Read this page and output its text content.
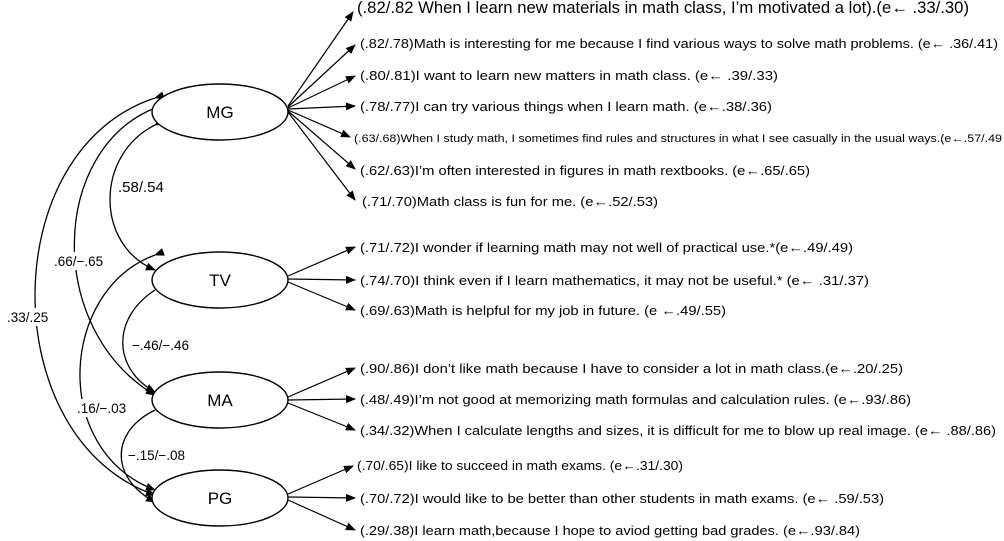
.58/.54
.66/−.65
.33/.25
−.46/−.46
.16/−.03
−.15/−.08
MG
TV
MA
PG
(.82/.82 When I learn new materials in math class, I’m motivated a lot).(e← .33/.30)
(.82/.78)Math is interesting for me because I find various ways to solve math problems. (e← .36/.41)
(.80/.81)I want to learn new matters in math class. (e← .39/.33)
(.78/.77)I can try various things when I learn math. (e←.38/.36)
(.63/.68)When I study math, I sometimes find rules and structures in what I see casually in the usual ways.(e←.57/.49
(.62/.63)I’m often interested in figures in math rextbooks. (e←.65/.65)
(.71/.70)Math class is fun for me. (e←.52/.53)
(.71/.72)I wonder if learning math may not well of practical use.*(e←.49/.49)
(.74/.70)I think even if I learn mathematics, it may not be useful.* (e← .31/.37)
(.69/.63)Math is helpful for my job in future. (e ←.49/.55)
(.90/.86)I don’t like math because I have to consider a lot in math class.(e←.20/.25)
(.48/.49)I’m not good at memorizing math formulas and calculation rules. (e←.93/.86)
(.34/.32)When I calculate lengths and sizes, it is difficult for me to blow up real image. (e← .88/.86)
(.70/.65)I like to succeed in math exams. (e←.31/.30)
(.70/.72)I would like to be better than other students in math exams. (e← .59/.53)
(.29/.38)I learn math,because I hope to aviod getting bad grades. (e←.93/.84)
